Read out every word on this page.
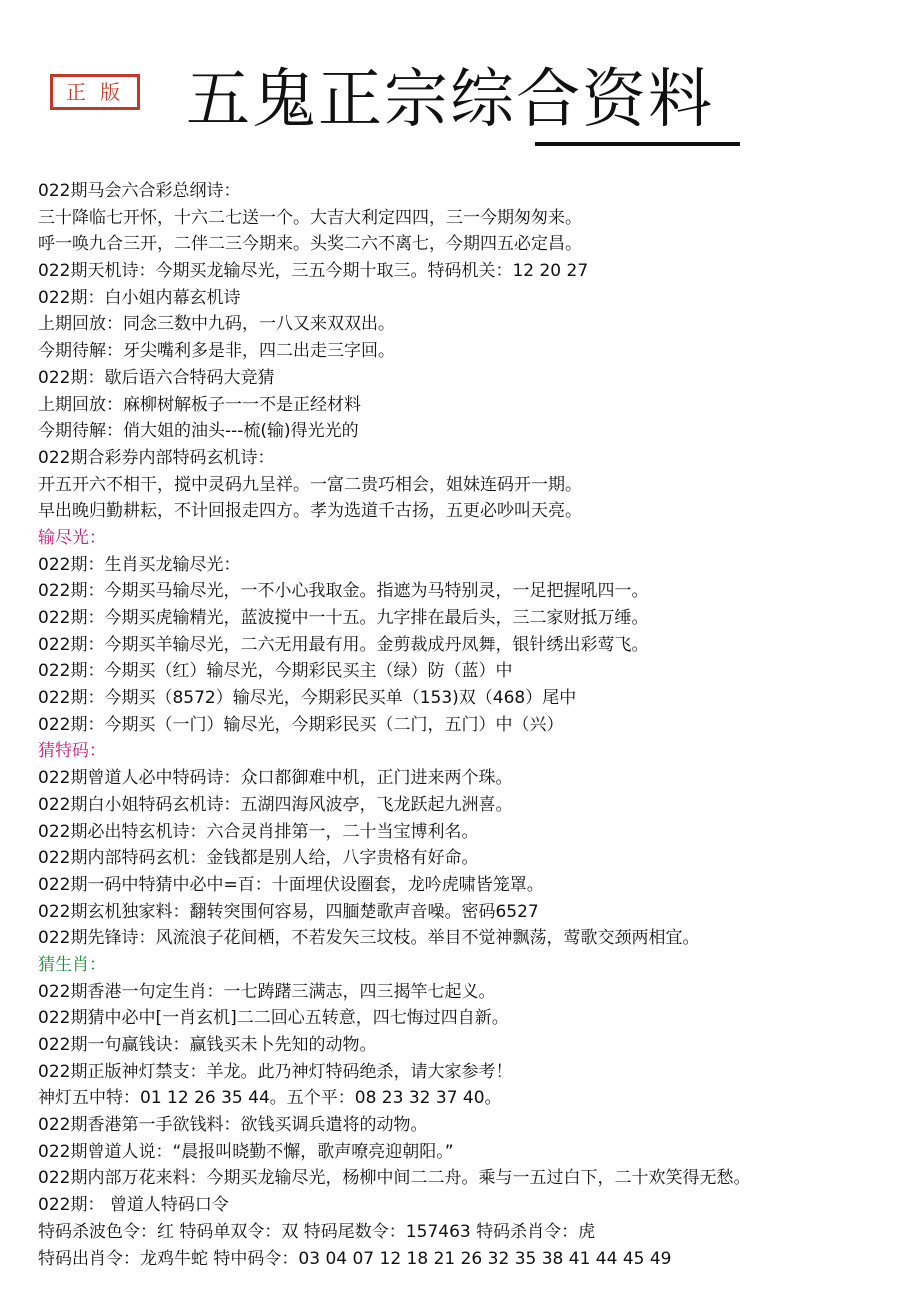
正 版 五鬼正宗综合资料
022期马会六合彩总纲诗：
三十降临七开怀，十六二七送一个。大吉大利定四四，三一今期匆匆来。
呼一唤九合三开，二伴二三今期来。头奖二六不离七，今期四五必定昌。
022期天机诗：今期买龙输尽光，三五今期十取三。特码机关：12 20 27
022期：白小姐内幕玄机诗
上期回放：同念三数中九码，一八又来双双出。
今期待解：牙尖嘴利多是非，四二出走三字回。
022期：歇后语六合特码大竞猜
上期回放：麻柳树解板子一一不是正经材料
今期待解：俏大姐的油头---梳(输)得光光的
022期合彩券内部特码玄机诗：
开五开六不相干，搅中灵码九呈祥。一富二贵巧相会，姐妹连码开一期。
早出晚归勤耕耘，不计回报走四方。孝为选道千古扬，五更必吵叫天亮。
输尽光：
022期：生肖买龙输尽光：
022期：今期买马输尽光，一不小心我取金。指遮为马特别灵，一足把握吼四一。
022期：今期买虎输精光，蓝波搅中一十五。九字排在最后头，三二家财抵万缍。
022期：今期买羊输尽光，二六无用最有用。金剪裁成丹凤舞，银针绣出彩莺飞。
022期：今期买（红）输尽光，今期彩民买主（绿）防（蓝）中
022期：今期买（8572）输尽光，今期彩民买单（153)双（468）尾中
022期：今期买（一门）输尽光，今期彩民买（二门，五门）中（兴）
猜特码：
022期曾道人必中特码诗：众口都御难中机，正门进来两个珠。
022期白小姐特码玄机诗：五湖四海风波亭，飞龙跃起九洲喜。
022期必出特玄机诗：六合灵肖排第一，二十当宝博利名。
022期内部特码玄机：金钱都是别人给，八字贵格有好命。
022期一码中特猜中必中=百：十面埋伏设圈套，龙吟虎啸皆笼罩。
022期玄机独家料：翻转突围何容易，四腼楚歌声音噪。密码6527
022期先锋诗：风流浪子花间栖，不若发矢三坟枝。举目不觉神飘荡，莺歌交颈两相宜。
猜生肖：
022期香港一句定生肖：一七踌躇三满志，四三揭竿七起义。
022期猜中必中[一肖玄机]二二回心五转意，四七悔过四自新。
022期一句赢钱诀：赢钱买未卜先知的动物。
022期正版神灯禁支：羊龙。此乃神灯特码绝杀，请大家参考！
神灯五中特：01 12 26 35 44。五个平：08 23 32 37 40。
022期香港第一手欲钱料：欲钱买调兵遣将的动物。
022期曾道人说：“晨报叫晓勤不懈，歌声嘹亮迎朝阳。”
022期内部万花来料：今期买龙输尽光，杨柳中间二二舟。乘与一五过白下，二十欢笑得无愁。
022期： 曾道人特码口令
特码杀波色令：红 特码单双令：双 特码尾数令：157463 特码杀肖令：虎
特码出肖令：龙鸡牛蛇 特中码令：03 04 07 12 18 21 26 32 35 38 41 44 45 49
